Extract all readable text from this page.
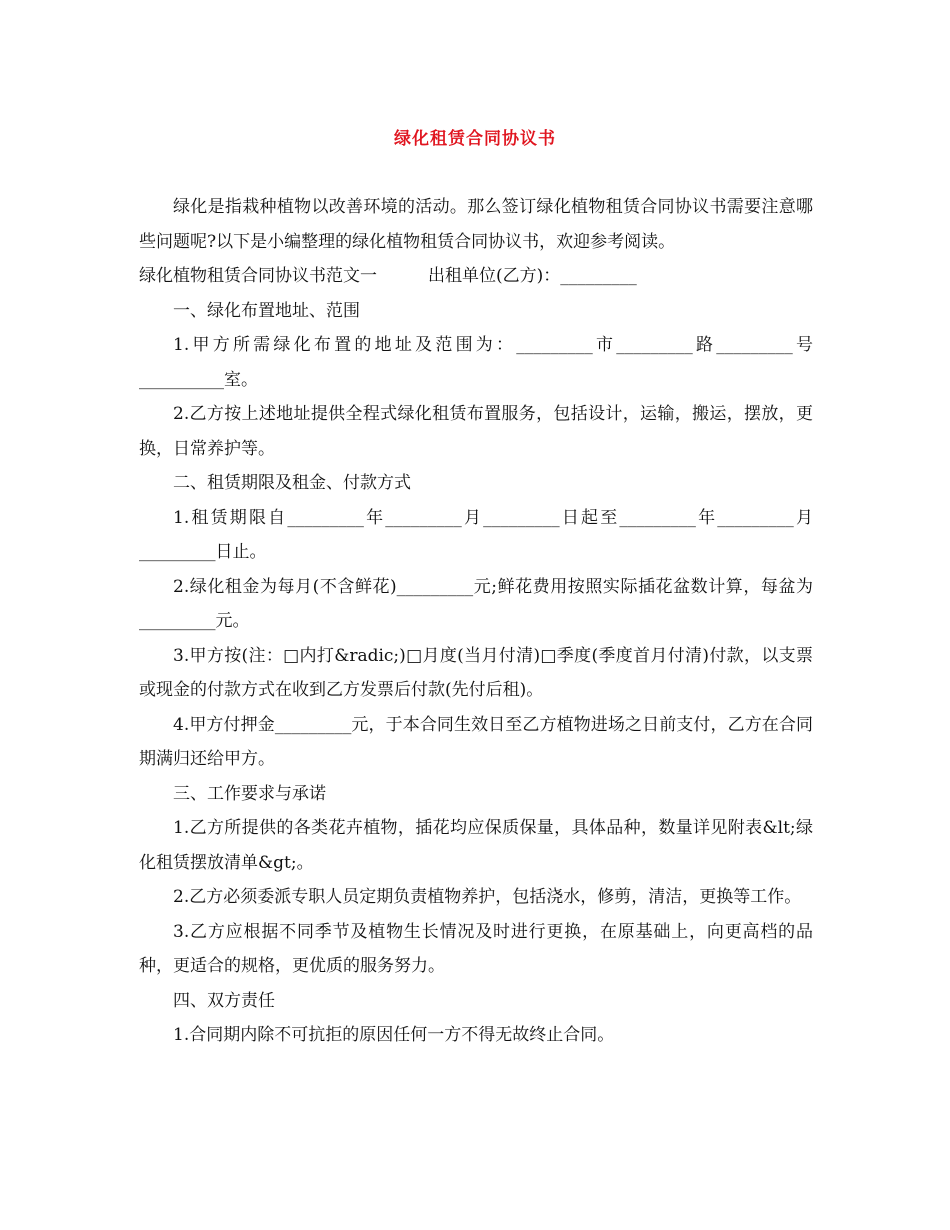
绿化租赁合同协议书

绿化是指栽种植物以改善环境的活动。那么签订绿化植物租赁合同协议书需要注意哪些问题呢?以下是小编整理的绿化植物租赁合同协议书，欢迎参考阅读。

绿化植物租赁合同协议书范文一	出租单位(乙方)：_________

一、绿化布置地址、范围

1.甲方所需绿化布置的地址及范围为：_________市_________路_________号__________室。

2.乙方按上述地址提供全程式绿化租赁布置服务，包括设计，运输，搬运，摆放，更换，日常养护等。

二、租赁期限及租金、付款方式

1.租赁期限自_________年_________月_________日起至_________年_________月_________日止。

2.绿化租金为每月(不含鲜花)_________元;鲜花费用按照实际插花盆数计算，每盆为_________元。

3.甲方按(注：□内打&radic;)□月度(当月付清)□季度(季度首月付清)付款，以支票或现金的付款方式在收到乙方发票后付款(先付后租)。

4.甲方付押金_________元，于本合同生效日至乙方植物进场之日前支付，乙方在合同期满归还给甲方。

三、工作要求与承诺

1.乙方所提供的各类花卉植物，插花均应保质保量，具体品种，数量详见附表&lt;绿化租赁摆放清单&gt;。

2.乙方必须委派专职人员定期负责植物养护，包括浇水，修剪，清洁，更换等工作。

3.乙方应根据不同季节及植物生长情况及时进行更换，在原基础上，向更高档的品种，更适合的规格，更优质的服务努力。

四、双方责任

1.合同期内除不可抗拒的原因任何一方不得无故终止合同。
